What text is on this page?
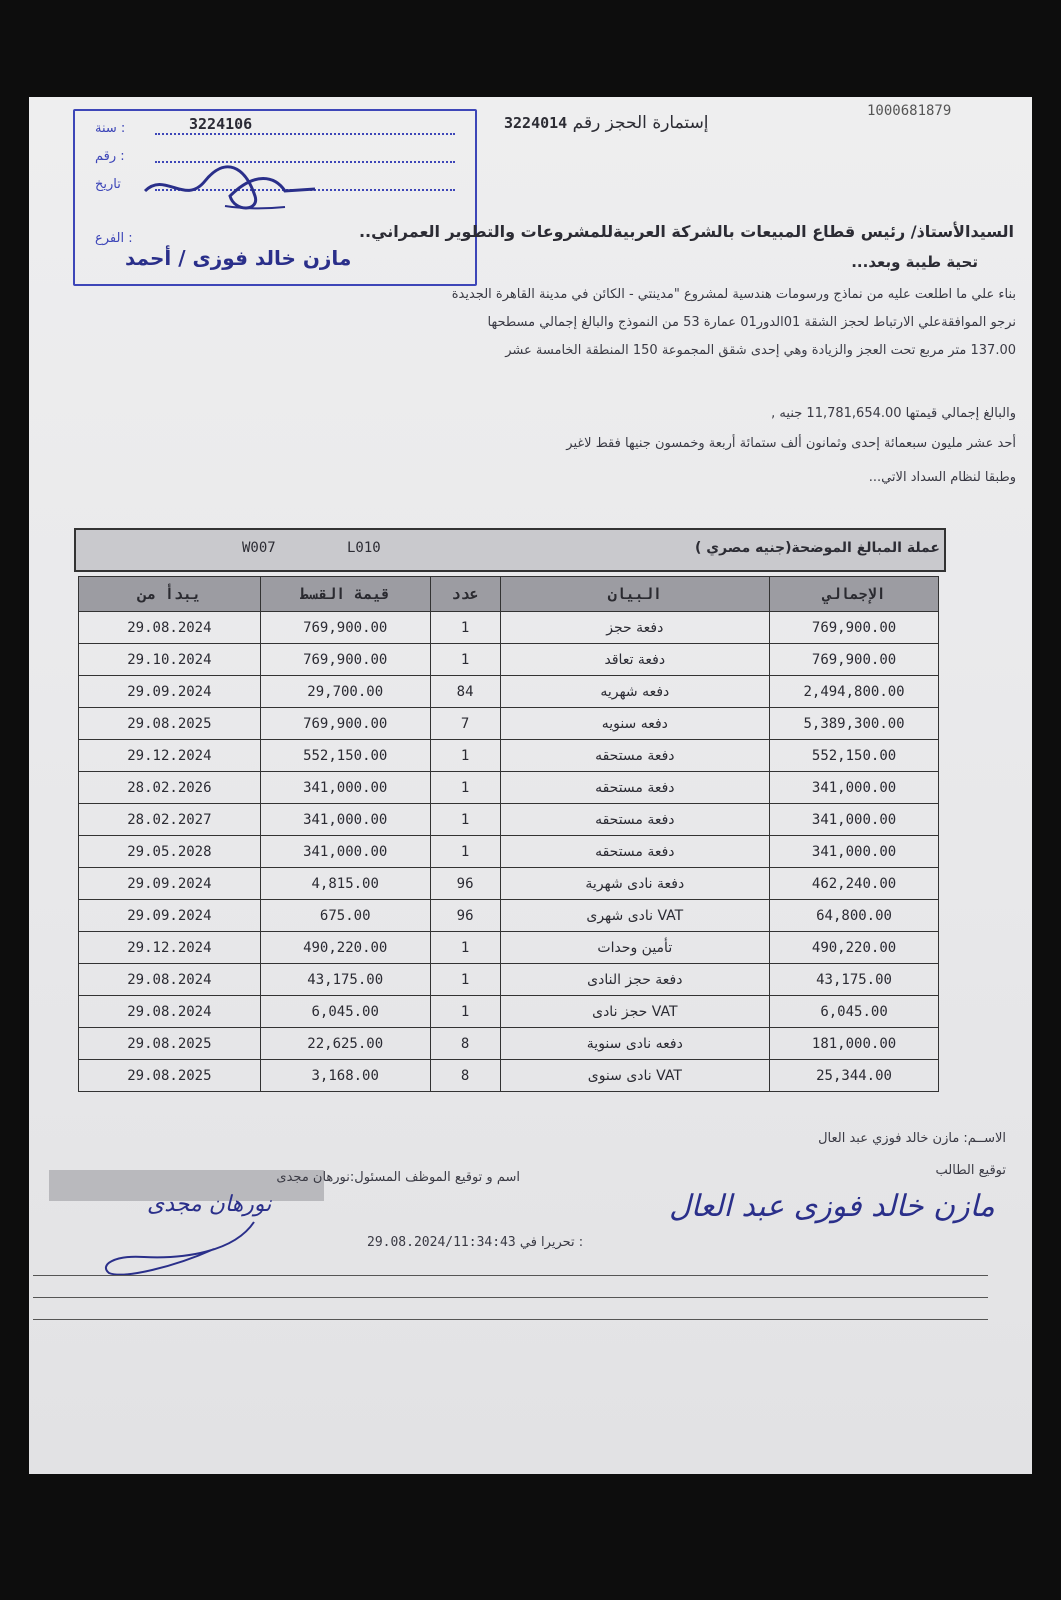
1000681879
3224014 إستمارة الحجز رقم
3224106
ﺳﻨﺔ :
ﺭﻗﻢ :
ﺗﺎﺭﻳﺦ
ﺍﻟﻔﺮﻉ :
مازن خالد فوزى / أحمد
السيدالأستاذ/ رئيس قطاع المبيعات بالشركة العربيةللمشروعات والتطوير العمراني..
تحية طيبة وبعد...
بناء علي ما اطلعت عليه من نماذج ورسومات هندسية لمشروع "مدينتي - الكائن في مدينة القاهرة الجديدة
نرجو الموافقةعلي الارتباط لحجز الشقة 01الدور01 عمارة 53 من النموذج والبالغ إجمالي مسطحها
137.00 متر مربع تحت العجز والزيادة وهي إحدى شقق المجموعة 150 المنطقة الخامسة عشر
والبالغ إجمالي قيمتها 11,781,654.00 جنيه ,
أحد عشر مليون سبعمائة إحدى وثمانون ألف ستمائة أربعة وخمسون جنيها فقط لاغير
وطبقا لنظام السداد الاتي...
W007	L010	عملة المبالغ الموضحة(جنيه مصري )
يبدأ من	قيمة القسط	عدد	البيان	الإجمالي
29.08.2024	769,900.00	1	دفعة حجز	769,900.00
29.10.2024	769,900.00	1	دفعة تعاقد	769,900.00
29.09.2024	29,700.00	84	دفعه شهريه	2,494,800.00
29.08.2025	769,900.00	7	دفعه سنويه	5,389,300.00
29.12.2024	552,150.00	1	دفعة مستحقه	552,150.00
28.02.2026	341,000.00	1	دفعة مستحقه	341,000.00
28.02.2027	341,000.00	1	دفعة مستحقه	341,000.00
29.05.2028	341,000.00	1	دفعة مستحقه	341,000.00
29.09.2024	4,815.00	96	دفعة نادى شهرية	462,240.00
29.09.2024	675.00	96	VAT نادى شهرى	64,800.00
29.12.2024	490,220.00	1	تأمين وحدات	490,220.00
29.08.2024	43,175.00	1	دفعة حجز النادى	43,175.00
29.08.2024	6,045.00	1	VAT حجز نادى	6,045.00
29.08.2025	22,625.00	8	دفعه نادى سنوية	181,000.00
29.08.2025	3,168.00	8	VAT نادى سنوى	25,344.00
الاســم: مازن خالد فوزي عبد العال
توقيع الطالب
اسم و توقيع الموظف المسئول:نورهان مجدى
29.08.2024/11:34:43 تحريرا في :
مازن خالد فوزى عبد العال
نورهان مجدى
